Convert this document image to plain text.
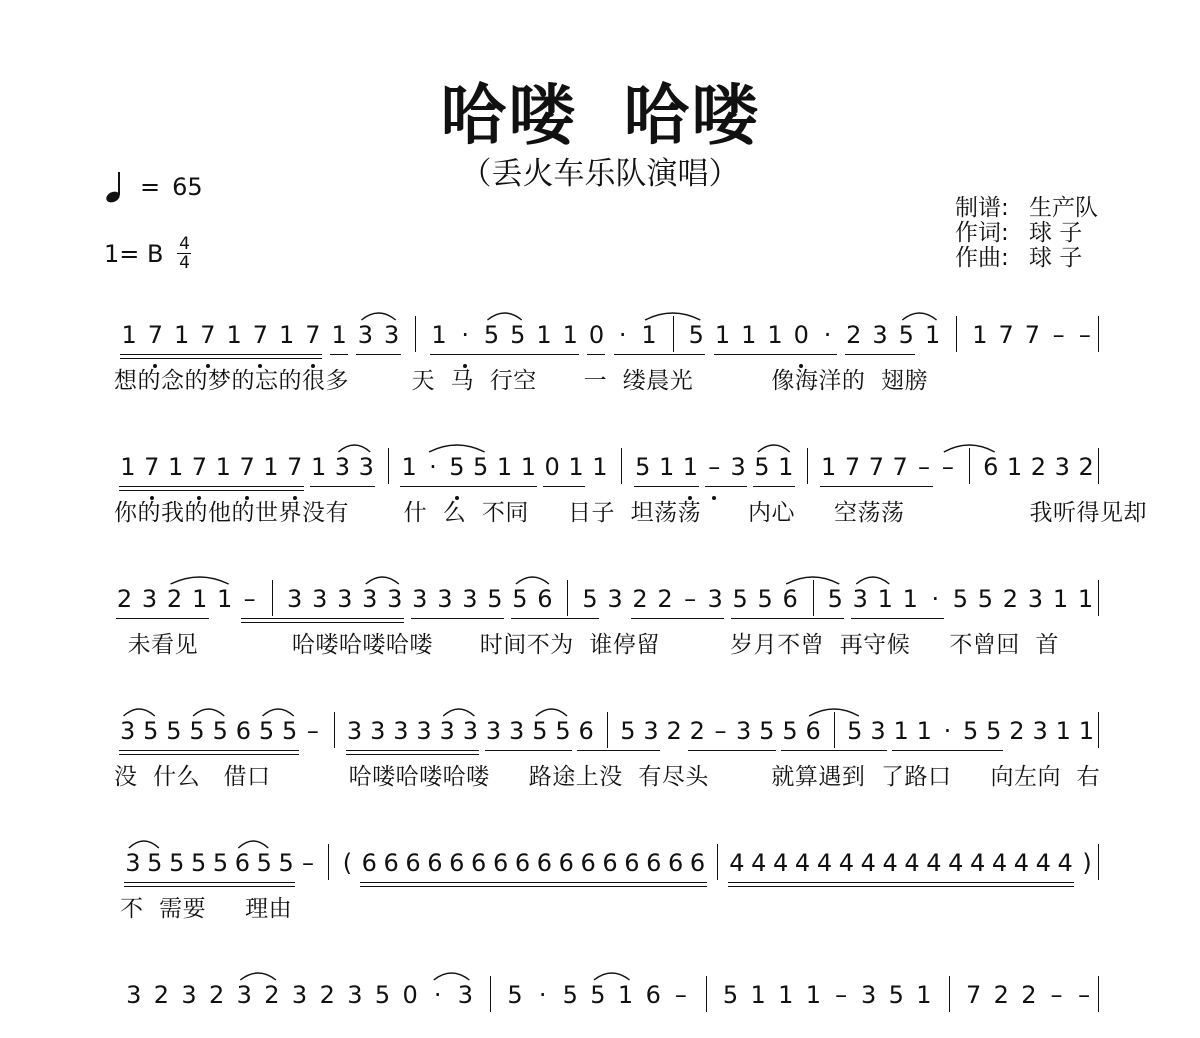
哈喽 哈喽
（丢火车乐队演唱）
= 65
1= B $\frac{4}{4}$
制谱: 生产队
作词: 球 子
作曲: 球 子
1 7 1 7 1 7 1 7 1 3 3 1 · 5 5 1 1 0 · 1 5 1 1 1 0 · 2 3 5 1 1 7 7 – –
想的念的梦的忘的很多        天  马  行空      一  缕晨光          像海洋的  翅膀
1 7 1 7 1 7 1 7 1 3 3 1 · 5 5 1 1 0 1 1 5 1 1 – 3 5 1 1 7 7 7 – – 6 1 2 3 2
你的我的他的世界没有       什  么  不同     日子  坦荡荡      内心     空荡荡                我听得见却
2 3 2 1 1 – 3 3 3 3 3 3 3 3 5 5 6 5 3 2 2 – 3 5 5 6 5 3 1 1 · 5 5 2 3 1 1
未看见            哈喽哈喽哈喽      时间不为  谁停留         岁月不曾  再守候     不曾回  首
3 5 5 5 5 6 5 5 – 3 3 3 3 3 3 3 3 5 5 6 5 3 2 2 – 3 5 5 6 5 3 1 1 · 5 5 2 3 1 1
没  什么   借口          哈喽哈喽哈喽     路途上没  有尽头        就算遇到  了路口     向左向  右
3 5 5 5 5 6 5 5 – ( 6 6 6 6 6 6 6 6 6 6 6 6 6 6 6 6 4 4 4 4 4 4 4 4 4 4 4 4 4 4 4 4 )
不  需要     理由
3 2 3 2 3 2 3 2 3 5 0 · 3 5 · 5 5 1 6 – 5 1 1 1 – 3 5 1 7 2 2 – –
